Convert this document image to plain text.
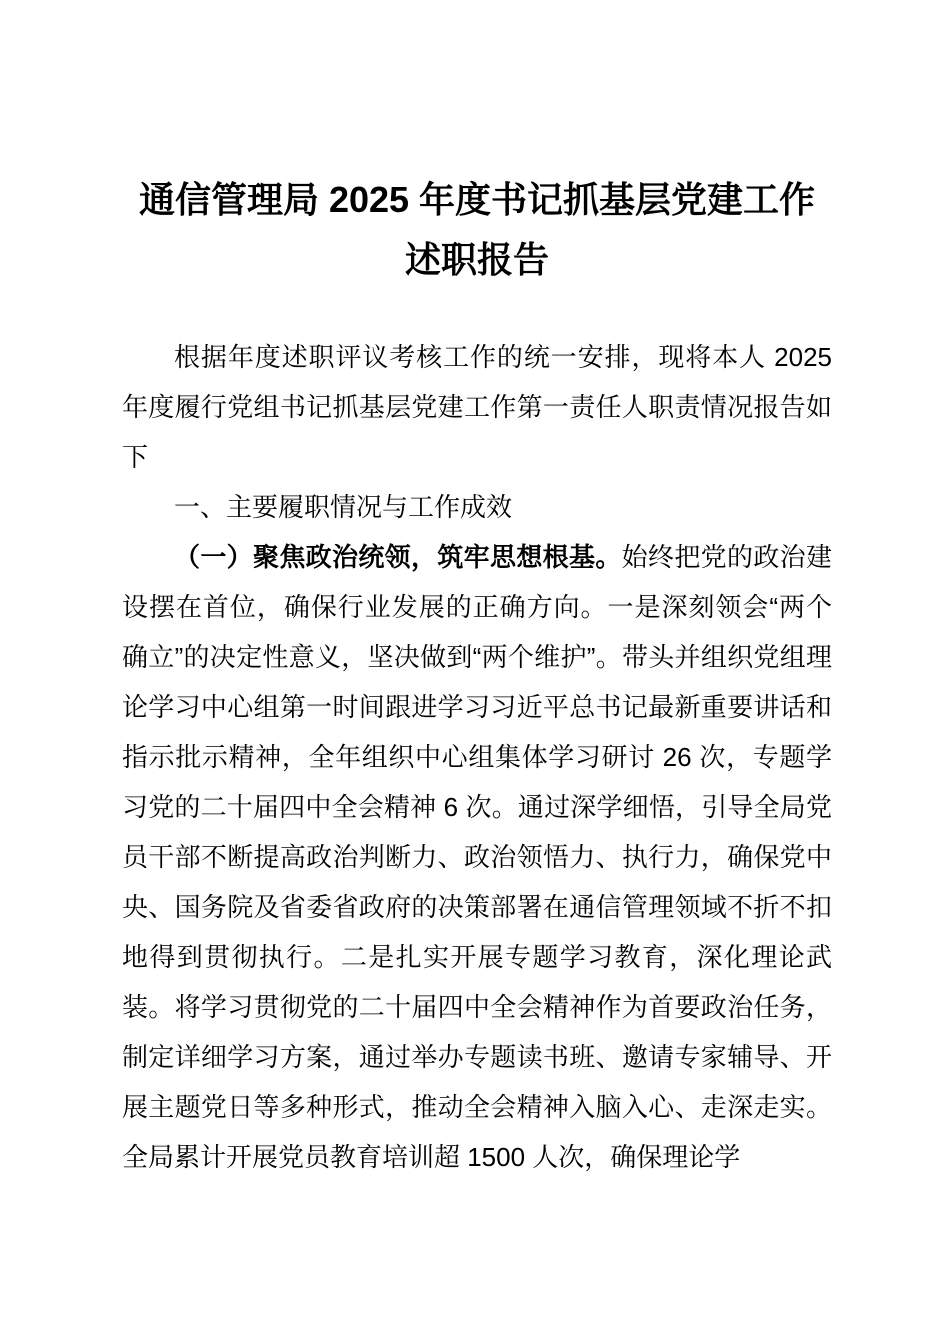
通信管理局 2025 年度书记抓基层党建工作述职报告

根据年度述职评议考核工作的统一安排，现将本人 2025 年度履行党组书记抓基层党建工作第一责任人职责情况报告如下

一、主要履职情况与工作成效

（一）聚焦政治统领，筑牢思想根基。始终把党的政治建设摆在首位，确保行业发展的正确方向。一是深刻领会“两个确立”的决定性意义，坚决做到“两个维护”。带头并组织党组理论学习中心组第一时间跟进学习习近平总书记最新重要讲话和指示批示精神，全年组织中心组集体学习研讨 26 次，专题学习党的二十届四中全会精神 6 次。通过深学细悟，引导全局党员干部不断提高政治判断力、政治领悟力、执行力，确保党中央、国务院及省委省政府的决策部署在通信管理领域不折不扣地得到贯彻执行。二是扎实开展专题学习教育，深化理论武装。将学习贯彻党的二十届四中全会精神作为首要政治任务，制定详细学习方案，通过举办专题读书班、邀请专家辅导、开展主题党日等多种形式，推动全会精神入脑入心、走深走实。全局累计开展党员教育培训超 1500 人次，确保理论学
